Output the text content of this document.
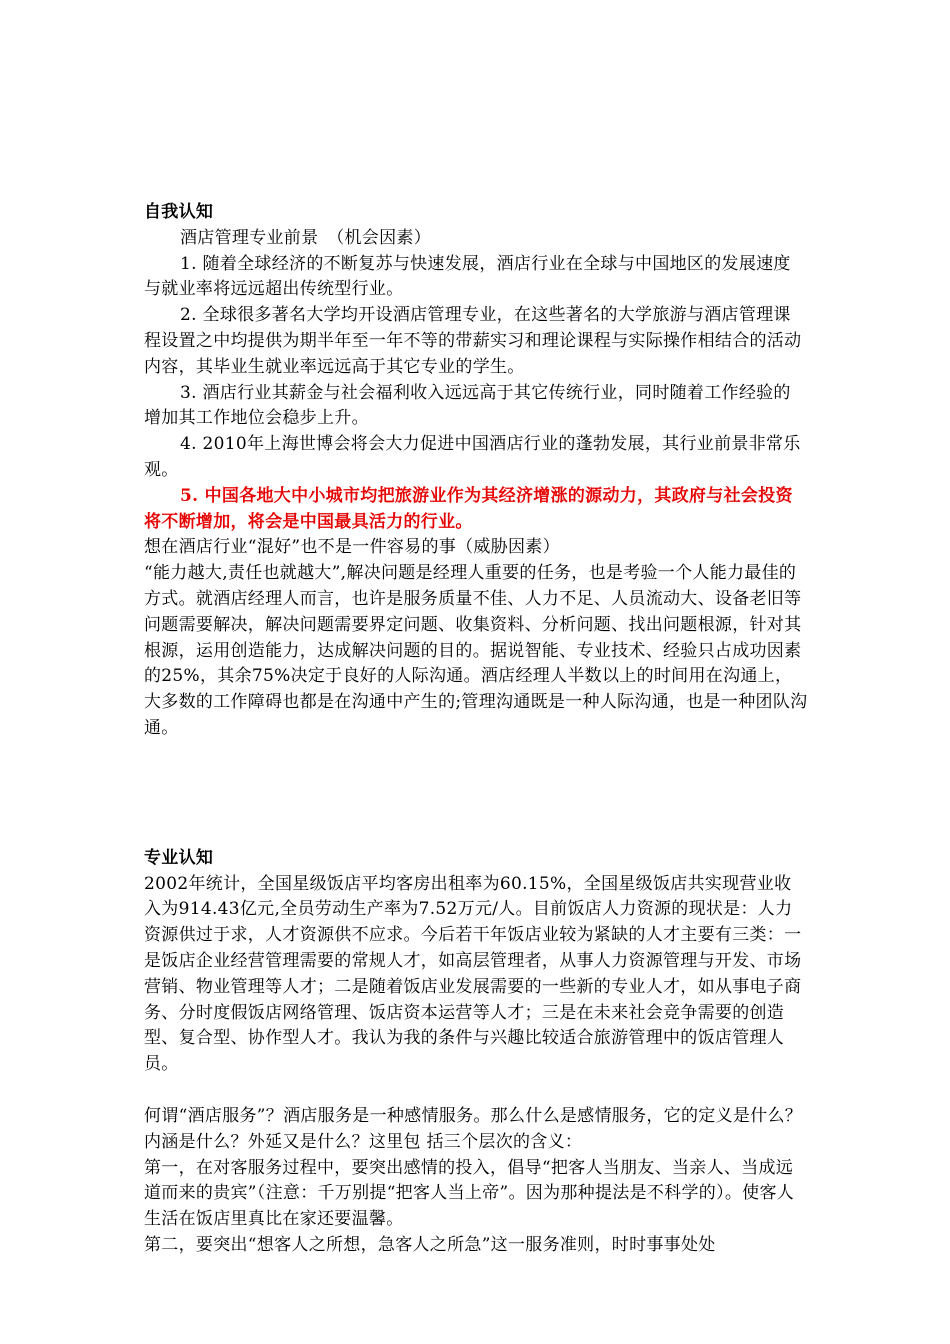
自我认知

酒店管理专业前景　（机会因素）

1. 随着全球经济的不断复苏与快速发展，酒店行业在全球与中国地区的发展速度与就业率将远远超出传统型行业。

2. 全球很多著名大学均开设酒店管理专业，在这些著名的大学旅游与酒店管理课程设置之中均提供为期半年至一年不等的带薪实习和理论课程与实际操作相结合的活动内容，其毕业生就业率远远高于其它专业的学生。

3. 酒店行业其薪金与社会福利收入远远高于其它传统行业，同时随着工作经验的增加其工作地位会稳步上升。

4. 2010年上海世博会将会大力促进中国酒店行业的蓬勃发展，其行业前景非常乐观。

5. 中国各地大中小城市均把旅游业作为其经济增涨的源动力，其政府与社会投资将不断增加，将会是中国最具活力的行业。

想在酒店行业“混好”也不是一件容易的事（威胁因素）

“能力越大,责任也就越大”,解决问题是经理人重要的任务，也是考验一个人能力最佳的方式。就酒店经理人而言，也许是服务质量不佳、人力不足、人员流动大、设备老旧等问题需要解决，解决问题需要界定问题、收集资料、分析问题、找出问题根源，针对其根源，运用创造能力，达成解决问题的目的。据说智能、专业技术、经验只占成功因素的25%，其余75%决定于良好的人际沟通。酒店经理人半数以上的时间用在沟通上，大多数的工作障碍也都是在沟通中产生的;管理沟通既是一种人际沟通，也是一种团队沟通。

专业认知

2002年统计，全国星级饭店平均客房出租率为60.15%，全国星级饭店共实现营业收入为914.43亿元,全员劳动生产率为7.52万元/人。目前饭店人力资源的现状是：人力资源供过于求，人才资源供不应求。今后若干年饭店业较为紧缺的人才主要有三类：一是饭店企业经营管理需要的常规人才，如高层管理者，从事人力资源管理与开发、市场营销、物业管理等人才；二是随着饭店业发展需要的一些新的专业人才，如从事电子商务、分时度假饭店网络管理、饭店资本运营等人才；三是在未来社会竞争需要的创造型、复合型、协作型人才。我认为我的条件与兴趣比较适合旅游管理中的饭店管理人员。

何谓“酒店服务”？酒店服务是一种感情服务。那么什么是感情服务，它的定义是什么？内涵是什么？外延又是什么？这里包 括三个层次的含义：

第一，在对客服务过程中，要突出感情的投入，倡导“把客人当朋友、当亲人、当成远道而来的贵宾”（注意：千万别提“把客人当上帝”。因为那种提法是不科学的）。使客人生活在饭店里真比在家还要温馨。

第二，要突出“想客人之所想，急客人之所急”这一服务准则，时时事事处处
